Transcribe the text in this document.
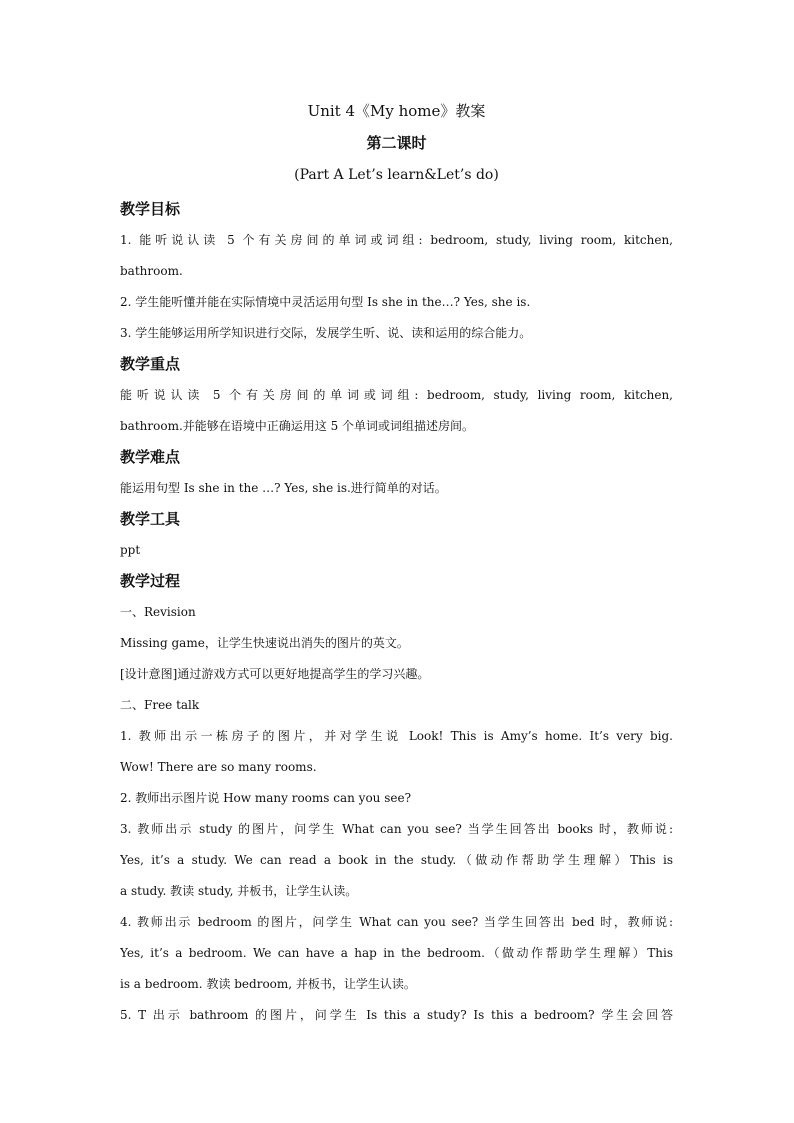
Unit 4《My home》教案
第二课时
(Part A Let’s learn&Let’s do)
教学目标
1. 能听说认读 5 个有关房间的单词或词组: bedroom, study, living room, kitchen,
bathroom.
2. 学生能听懂并能在实际情境中灵活运用句型 Is she in the…? Yes, she is.
3. 学生能够运用所学知识进行交际，发展学生听、说、读和运用的综合能力。
教学重点
能听说认读 5 个有关房间的单词或词组: bedroom, study, living room, kitchen,
bathroom.并能够在语境中正确运用这 5 个单词或词组描述房间。
教学难点
能运用句型 Is she in the …? Yes, she is.进行简单的对话。
教学工具
ppt
教学过程
一、Revision
Missing game，让学生快速说出消失的图片的英文。
[设计意图]通过游戏方式可以更好地提高学生的学习兴趣。
二、Free talk
1. 教师出示一栋房子的图片，并对学生说 Look! This is Amy’s home. It’s very big.
Wow! There are so many rooms.
2. 教师出示图片说 How many rooms can you see?
3. 教师出示 study 的图片，问学生 What can you see? 当学生回答出 books 时，教师说:
Yes, it’s a study. We can read a book in the study.（做动作帮助学生理解）This is
a study. 教读 study, 并板书，让学生认读。
4. 教师出示 bedroom 的图片，问学生 What can you see? 当学生回答出 bed 时，教师说:
Yes, it’s a bedroom. We can have a hap in the bedroom.（做动作帮助学生理解）This
is a bedroom. 教读 bedroom, 并板书，让学生认读。
5. T 出示 bathroom 的图片，问学生 Is this a study? Is this a bedroom? 学生会回答
